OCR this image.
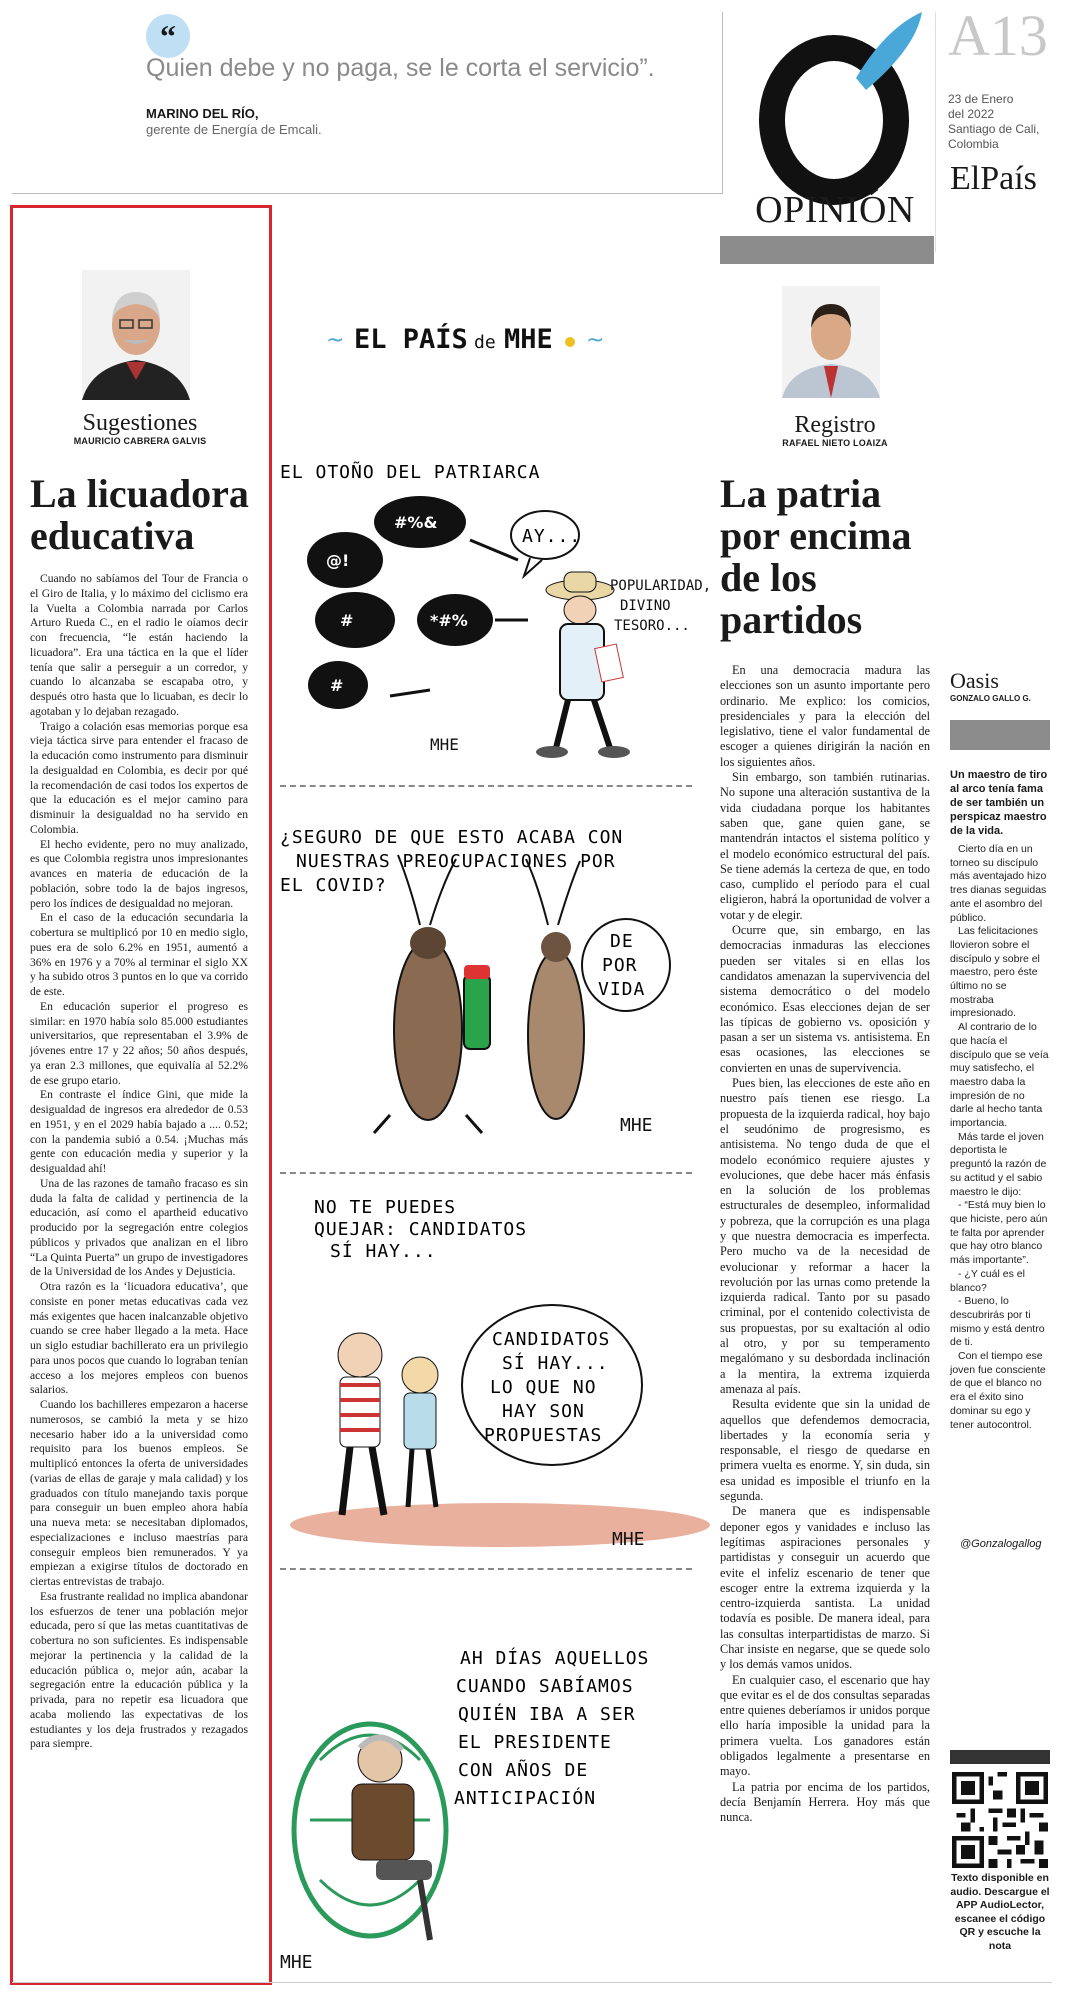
“
Quien debe y no paga, se le corta el servicio”.
MARINO DEL RÍO,
gerente de Energía de Emcali.
OPINIÓN
A13
23 de Enero
del 2022
Santiago de Cali,
Colombia
ElPaís
Sugestiones
MAURICIO CABRERA GALVIS
La licuadora educativa

Cuando no sabíamos del Tour de Francia o el Giro de Italia, y lo máximo del ciclismo era la Vuelta a Colombia narrada por Carlos Arturo Rueda C., en el radio le oíamos decir con frecuencia, “le están haciendo la licuadora”. Era una táctica en la que el líder tenía que salir a perseguir a un corredor, y cuando lo alcanzaba se escapaba otro, y después otro hasta que lo licuaban, es decir lo agotaban y lo dejaban rezagado.

Traigo a colación esas memorias porque esa vieja táctica sirve para entender el fracaso de la educación como instrumento para disminuir la desigualdad en Colombia, es decir por qué la recomendación de casi todos los expertos de que la educación es el mejor camino para disminuir la desigualdad no ha servido en Colombia.

El hecho evidente, pero no muy analizado, es que Colombia registra unos impresionantes avances en materia de educación de la población, sobre todo la de bajos ingresos, pero los índices de desigualdad no mejoran.

En el caso de la educación secundaria la cobertura se multiplicó por 10 en medio siglo, pues era de solo 6.2% en 1951, aumentó a 36% en 1976 y a 70% al terminar el siglo XX y ha subido otros 3 puntos en lo que va corrido de este.

En educación superior el progreso es similar: en 1970 había solo 85.000 estudiantes universitarios, que representaban el 3.9% de jóvenes entre 17 y 22 años; 50 años después, ya eran 2.3 millones, que equivalía al 52.2% de ese grupo etario.

En contraste el índice Gini, que mide la desigualdad de ingresos era alrededor de 0.53 en 1951, y en el 2029 había bajado a .... 0.52; con la pandemia subió a 0.54. ¡Muchas más gente con educación media y superior y la desigualdad ahí!

Una de las razones de tamaño fracaso es sin duda la falta de calidad y pertinencia de la educación, así como el apartheid educativo producido por la segregación entre colegios públicos y privados que analizan en el libro “La Quinta Puerta” un grupo de investigadores de la Universidad de los Andes y Dejusticia.

Otra razón es la ‘licuadora educativa’, que consiste en poner metas educativas cada vez más exigentes que hacen inalcanzable objetivo cuando se cree haber llegado a la meta. Hace un siglo estudiar bachillerato era un privilegio para unos pocos que cuando lo lograban tenían acceso a los mejores empleos con buenos salarios.

Cuando los bachilleres empezaron a hacerse numerosos, se cambió la meta y se hizo necesario haber ido a la universidad como requisito para los buenos empleos. Se multiplicó entonces la oferta de universidades (varias de ellas de garaje y mala calidad) y los graduados con título manejando taxis porque para conseguir un buen empleo ahora había una nueva meta: se necesitaban diplomados, especializaciones e incluso maestrías para conseguir empleos bien remunerados. Y ya empiezan a exigirse títulos de doctorado en ciertas entrevistas de trabajo.

Esa frustrante realidad no implica abandonar los esfuerzos de tener una población mejor educada, pero sí que las metas cuantitativas de cobertura no son suficientes. Es indispensable mejorar la pertinencia y la calidad de la educación pública o, mejor aún, acabar la segregación entre la educación pública y la privada, para no repetir esa licuadora que acaba moliendo las expectativas de los estudiantes y los deja frustrados y rezagados para siempre.

~ EL PAÍS de MHE ~
EL OTOÑO DEL PATRIARCA
#%&
@!
*#%
#
#
AY...
POPULARIDAD,
DIVINO
TESORO...
MHE
¿SEGURO DE QUE ESTO ACABA CON
NUESTRAS PREOCUPACIONES POR
EL COVID?
DE
POR
VIDA
MHE
NO TE PUEDES
QUEJAR: CANDIDATOS
SÍ HAY...
CANDIDATOS
SÍ HAY...
LO QUE NO
HAY SON
PROPUESTAS
MHE
AH DÍAS AQUELLOS
CUANDO SABÍAMOS
QUIÉN IBA A SER
EL PRESIDENTE
CON AÑOS DE
ANTICIPACIÓN
MHE
Registro
RAFAEL NIETO LOAIZA
La patria por encima de los partidos

En una democracia madura las elecciones son un asunto importante pero ordinario. Me explico: los comicios, presidenciales y para la elección del legislativo, tiene el valor fundamental de escoger a quienes dirigirán la nación en los siguientes años.

Sin embargo, son también rutinarias. No supone una alteración sustantiva de la vida ciudadana porque los habitantes saben que, gane quien gane, se mantendrán intactos el sistema político y el modelo económico estructural del país. Se tiene además la certeza de que, en todo caso, cumplido el período para el cual eligieron, habrá la oportunidad de volver a votar y de elegir.

Ocurre que, sin embargo, en las democracias inmaduras las elecciones pueden ser vitales si en ellas los candidatos amenazan la supervivencia del sistema democrático o del modelo económico. Esas elecciones dejan de ser las típicas de gobierno vs. oposición y pasan a ser un sistema vs. antisistema. En esas ocasiones, las elecciones se convierten en unas de supervivencia.

Pues bien, las elecciones de este año en nuestro país tienen ese riesgo. La propuesta de la izquierda radical, hoy bajo el seudónimo de progresismo, es antisistema. No tengo duda de que el modelo económico requiere ajustes y evoluciones, que debe hacer más énfasis en la solución de los problemas estructurales de desempleo, informalidad y pobreza, que la corrupción es una plaga y que nuestra democracia es imperfecta. Pero mucho va de la necesidad de evolucionar y reformar a hacer la revolución por las urnas como pretende la izquierda radical. Tanto por su pasado criminal, por el contenido colectivista de sus propuestas, por su exaltación al odio al otro, y por su temperamento megalómano y su desbordada inclinación a la mentira, la extrema izquierda amenaza al país.

Resulta evidente que sin la unidad de aquellos que defendemos democracia, libertades y la economía seria y responsable, el riesgo de quedarse en primera vuelta es enorme. Y, sin duda, sin esa unidad es imposible el triunfo en la segunda.

De manera que es indispensable deponer egos y vanidades e incluso las legítimas aspiraciones personales y partidistas y conseguir un acuerdo que evite el infeliz escenario de tener que escoger entre la extrema izquierda y la centro-izquierda santista. La unidad todavía es posible. De manera ideal, para las consultas interpartidistas de marzo. Si Char insiste en negarse, que se quede solo y los demás vamos unidos.

En cualquier caso, el escenario que hay que evitar es el de dos consultas separadas entre quienes deberíamos ir unidos porque ello haría imposible la unidad para la primera vuelta. Los ganadores están obligados legalmente a presentarse en mayo.

La patria por encima de los partidos, decía Benjamín Herrera. Hoy más que nunca.

Oasis
GONZALO GALLO G.
Un maestro de tiro al arco tenía fama de ser también un perspicaz maestro de la vida.

Cierto día en un torneo su discípulo más aventajado hizo tres dianas seguidas ante el asombro del público.

Las felicitaciones llovieron sobre el discípulo y sobre el maestro, pero éste último no se mostraba impresionado.

Al contrario de lo que hacía el discípulo que se veía muy satisfecho, el maestro daba la impresión de no darle al hecho tanta importancia.

Más tarde el joven deportista le preguntó la razón de su actitud y el sabio maestro le dijo:

- “Está muy bien lo que hiciste, pero aún te falta por aprender que hay otro blanco más importante”.

- ¿Y cuál es el blanco?

- Bueno, lo descubrirás por ti mismo y está dentro de ti.

Con el tiempo ese joven fue consciente de que el blanco no era el éxito sino dominar su ego y tener autocontrol.

@Gonzalogallog
Texto disponible en audio. Descargue el APP AudioLector, escanee el código QR y escuche la nota
